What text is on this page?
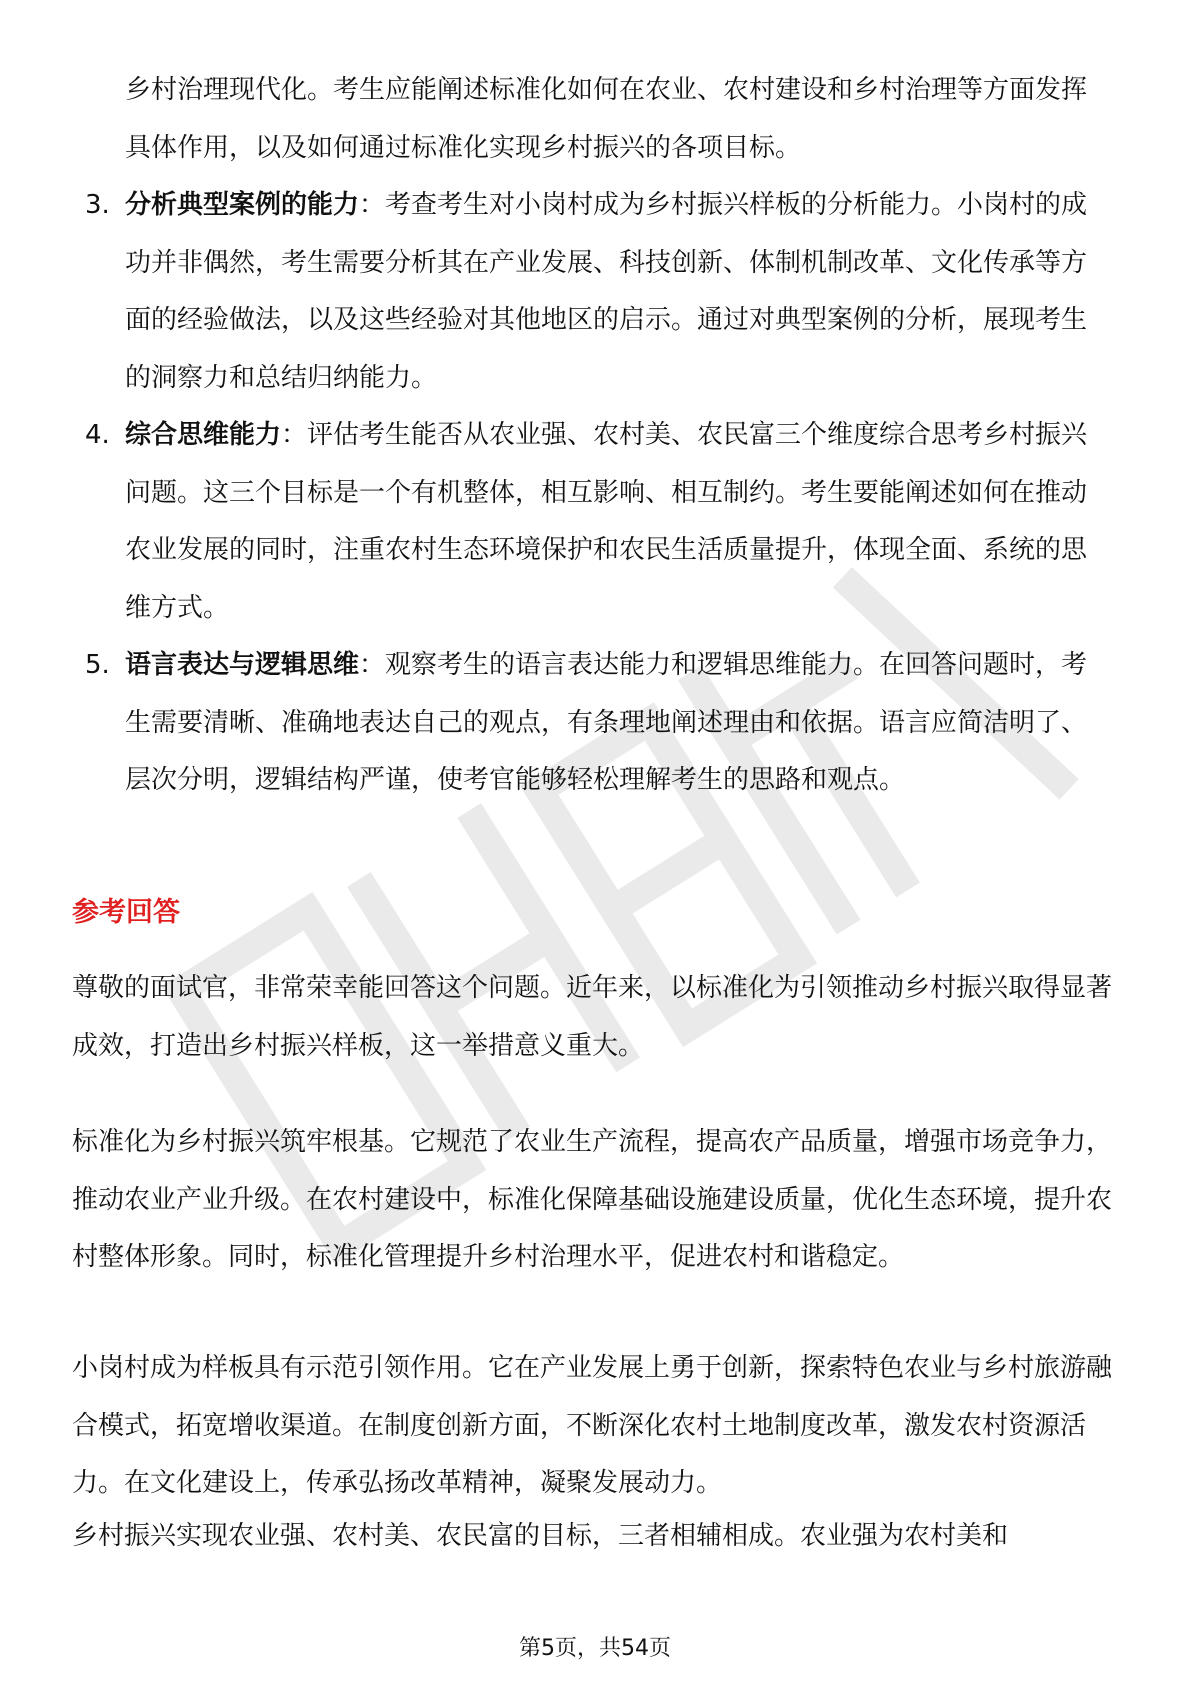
乡村治理现代化。考生应能阐述标准化如何在农业、农村建设和乡村治理等方面发挥具体作用，以及如何通过标准化实现乡村振兴的各项目标。
3. 分析典型案例的能力：考查考生对小岗村成为乡村振兴样板的分析能力。小岗村的成功并非偶然，考生需要分析其在产业发展、科技创新、体制机制改革、文化传承等方面的经验做法，以及这些经验对其他地区的启示。通过对典型案例的分析，展现考生的洞察力和总结归纳能力。
4. 综合思维能力：评估考生能否从农业强、农村美、农民富三个维度综合思考乡村振兴问题。这三个目标是一个有机整体，相互影响、相互制约。考生要能阐述如何在推动农业发展的同时，注重农村生态环境保护和农民生活质量提升，体现全面、系统的思维方式。
5. 语言表达与逻辑思维：观察考生的语言表达能力和逻辑思维能力。在回答问题时，考生需要清晰、准确地表达自己的观点，有条理地阐述理由和依据。语言应简洁明了、层次分明，逻辑结构严谨，使考官能够轻松理解考生的思路和观点。
参考回答
尊敬的面试官，非常荣幸能回答这个问题。近年来，以标准化为引领推动乡村振兴取得显著成效，打造出乡村振兴样板，这一举措意义重大。
标准化为乡村振兴筑牢根基。它规范了农业生产流程，提高农产品质量，增强市场竞争力，推动农业产业升级。在农村建设中，标准化保障基础设施建设质量，优化生态环境，提升农村整体形象。同时，标准化管理提升乡村治理水平，促进农村和谐稳定。
小岗村成为样板具有示范引领作用。它在产业发展上勇于创新，探索特色农业与乡村旅游融合模式，拓宽增收渠道。在制度创新方面，不断深化农村土地制度改革，激发农村资源活力。在文化建设上，传承弘扬改革精神，凝聚发展动力。
乡村振兴实现农业强、农村美、农民富的目标，三者相辅相成。农业强为农村美和
第5页，共54页
